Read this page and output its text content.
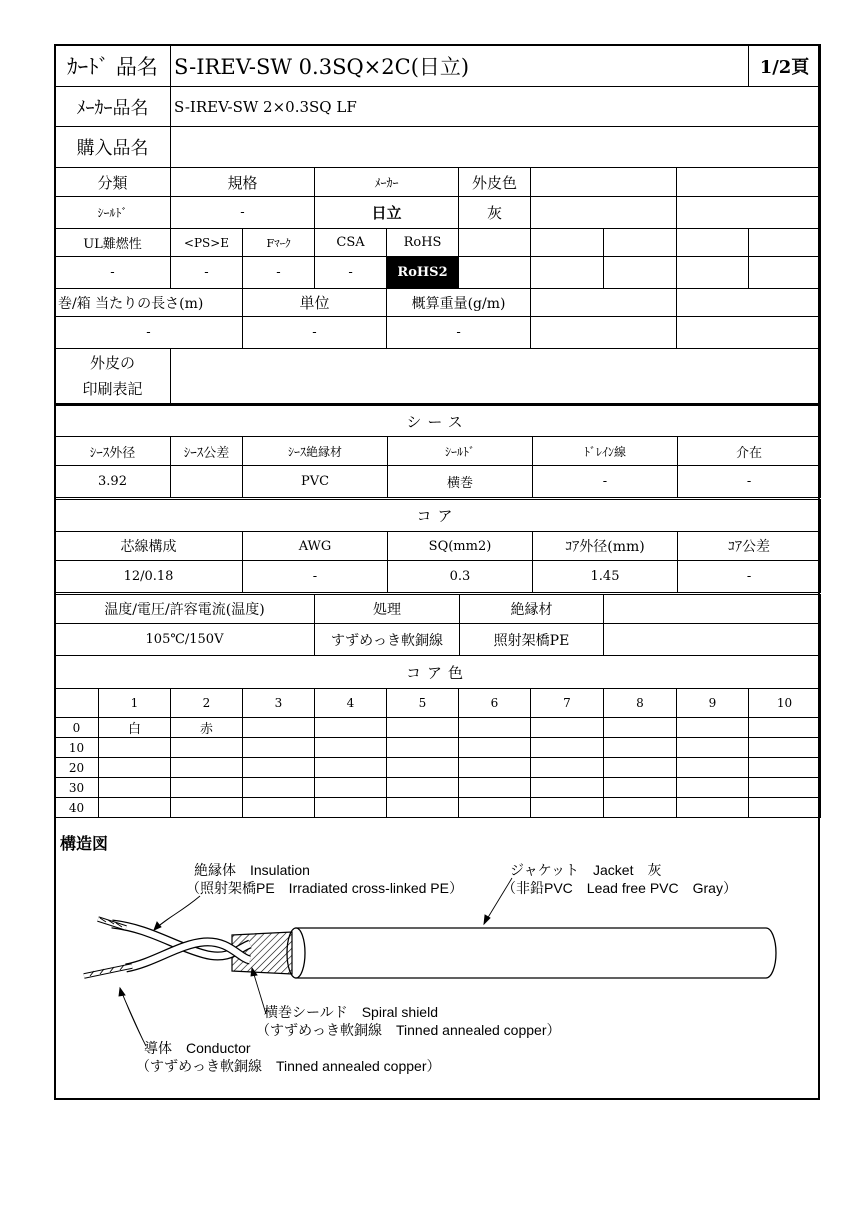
ｶｰﾄﾞ 品名	S-IREV-SW 0.3SQ×2C(日立)	1/2頁
ﾒｰｶｰ品名	S-IREV-SW 2×0.3SQ LF
購入品名	
分類	規格		ﾒｰｶｰ		外皮色				
ｼｰﾙﾄﾞ	-		日立		灰				
UL難燃性	<PS>E	Fﾏｰｸ	CSA	RoHS					
-	-	-	-	RoHS2					
巻/箱 当たりの長さ(m)		単位		概算重量(g/m)					
-		-		-					
外皮の
印刷表記

シース					
ｼｰｽ外径	ｼｰｽ公差	ｼｰｽ絶縁材	ｼｰﾙﾄﾞ	ﾄﾞﾚｲﾝ線	介在
3.92		PVC	横巻	-	-
コア				
芯線構成	AWG	SQ(mm2)	ｺｱ外径(mm)	ｺｱ公差
12/0.18	-	0.3	1.45	-
温度/電圧/許容電流(温度)	処理	絶縁材	
105℃/150V	すずめっき軟銅線	照射架橋PE	
コア色										
	1	2	3	4	5	6	7	8	9	10
0	白	赤								
10										
20										
30										
40										
構造図
絶縁体　Insulation
（照射架橋PE　Irradiated cross-linked PE）
ジャケット　Jacket　灰
（非鉛PVC　Lead free PVC　Gray）
横巻シールド　Spiral shield
（すずめっき軟銅線　Tinned annealed copper）
導体　Conductor
（すずめっき軟銅線　Tinned annealed copper）
